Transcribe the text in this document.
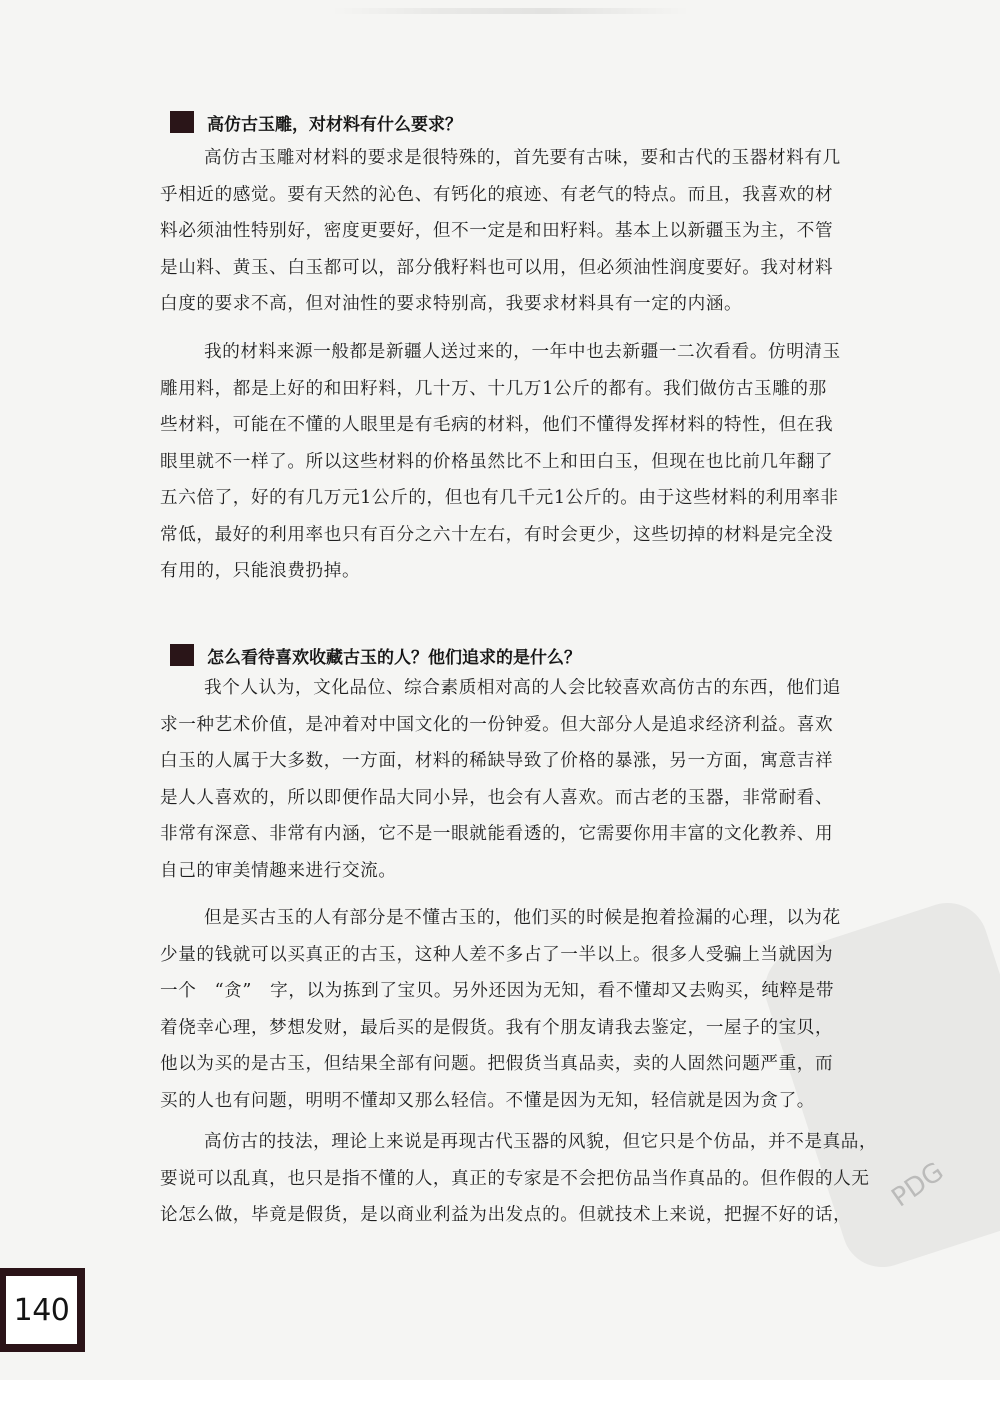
PDG
高仿古玉雕，对材料有什么要求？
高仿古玉雕对材料的要求是很特殊的，首先要有古味，要和古代的玉器材料有几
乎相近的感觉。要有天然的沁色、有钙化的痕迹、有老气的特点。而且，我喜欢的材
料必须油性特别好，密度更要好，但不一定是和田籽料。基本上以新疆玉为主，不管
是山料、黄玉、白玉都可以，部分俄籽料也可以用，但必须油性润度要好。我对材料
白度的要求不高，但对油性的要求特别高，我要求材料具有一定的内涵。
我的材料来源一般都是新疆人送过来的，一年中也去新疆一二次看看。仿明清玉
雕用料，都是上好的和田籽料，几十万、十几万1公斤的都有。我们做仿古玉雕的那
些材料，可能在不懂的人眼里是有毛病的材料，他们不懂得发挥材料的特性，但在我
眼里就不一样了。所以这些材料的价格虽然比不上和田白玉，但现在也比前几年翻了
五六倍了，好的有几万元1公斤的，但也有几千元1公斤的。由于这些材料的利用率非
常低，最好的利用率也只有百分之六十左右，有时会更少，这些切掉的材料是完全没
有用的，只能浪费扔掉。
怎么看待喜欢收藏古玉的人？他们追求的是什么？
我个人认为，文化品位、综合素质相对高的人会比较喜欢高仿古的东西，他们追
求一种艺术价值，是冲着对中国文化的一份钟爱。但大部分人是追求经济利益。喜欢
白玉的人属于大多数，一方面，材料的稀缺导致了价格的暴涨，另一方面，寓意吉祥
是人人喜欢的，所以即便作品大同小异，也会有人喜欢。而古老的玉器，非常耐看、
非常有深意、非常有内涵，它不是一眼就能看透的，它需要你用丰富的文化教养、用
自己的审美情趣来进行交流。
但是买古玉的人有部分是不懂古玉的，他们买的时候是抱着捡漏的心理，以为花
少量的钱就可以买真正的古玉，这种人差不多占了一半以上。很多人受骗上当就因为
一个　“贪”　字，以为拣到了宝贝。另外还因为无知，看不懂却又去购买，纯粹是带
着侥幸心理，梦想发财，最后买的是假货。我有个朋友请我去鉴定，一屋子的宝贝，
他以为买的是古玉，但结果全部有问题。把假货当真品卖，卖的人固然问题严重，而
买的人也有问题，明明不懂却又那么轻信。不懂是因为无知，轻信就是因为贪了。
高仿古的技法，理论上来说是再现古代玉器的风貌，但它只是个仿品，并不是真品，
要说可以乱真，也只是指不懂的人，真正的专家是不会把仿品当作真品的。但作假的人无
论怎么做，毕竟是假货，是以商业利益为出发点的。但就技术上来说，把握不好的话，
140
